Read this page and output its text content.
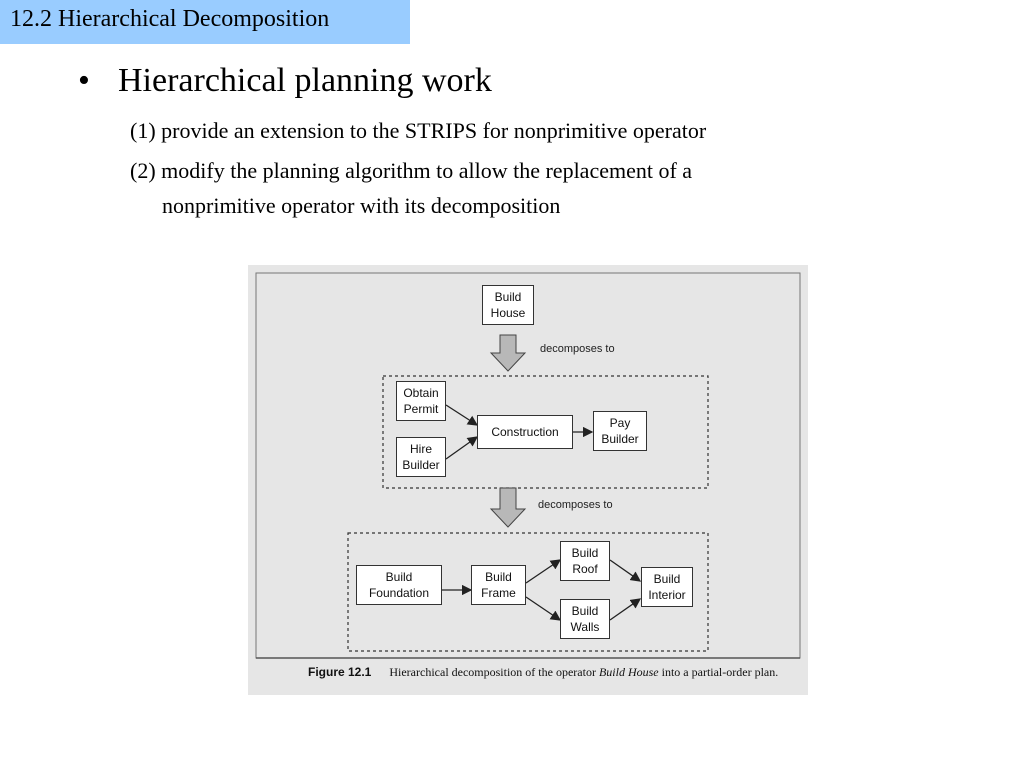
12.2 Hierarchical Decomposition
• Hierarchical planning work
(1) provide an extension to the STRIPS for nonprimitive operator
(2) modify the planning algorithm to allow the replacement of a
nonprimitive operator with its decomposition
Build
House
decomposes to
Obtain
Permit
Hire
Builder
Construction
Pay
Builder
decomposes to
Build
Foundation
Build
Frame
Build
Roof
Build
Walls
Build
Interior
Figure 12.1 Hierarchical decomposition of the operator Build House into a partial-order plan.
